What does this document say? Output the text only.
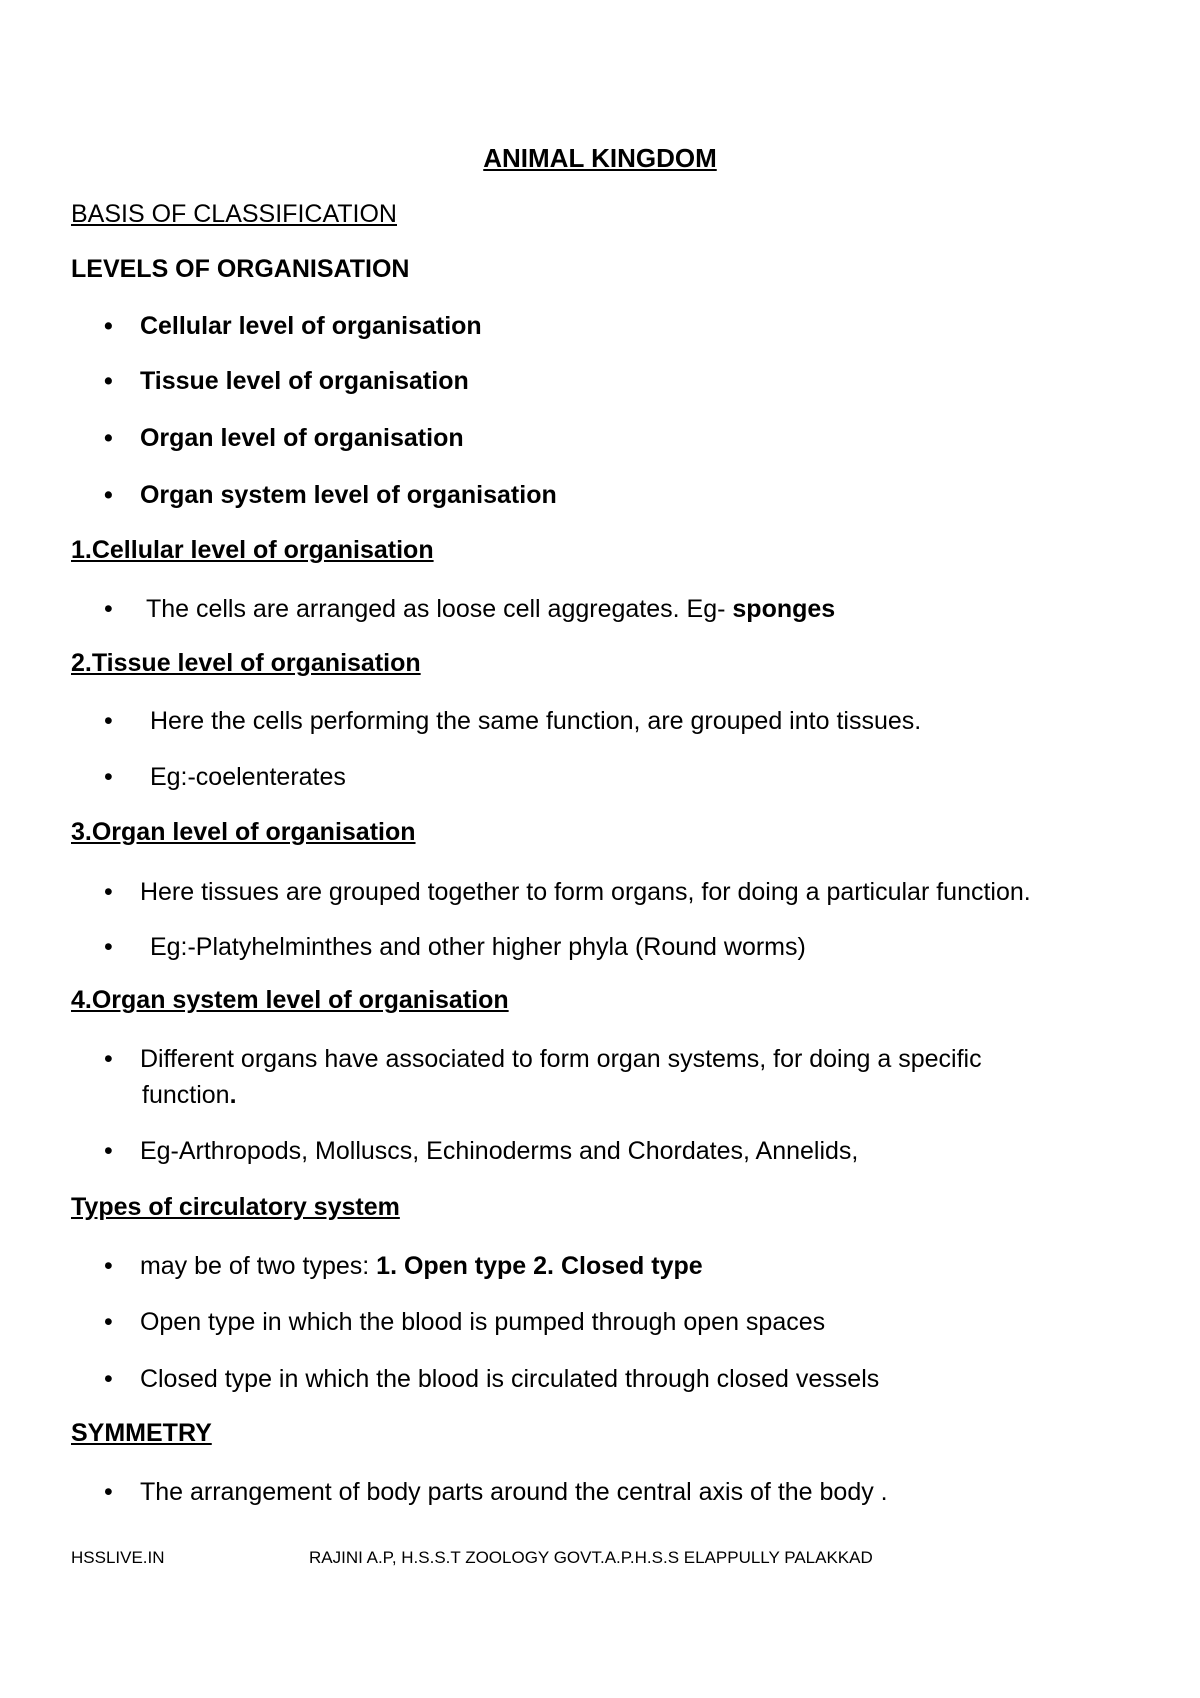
ANIMAL KINGDOM
BASIS OF CLASSIFICATION
LEVELS OF ORGANISATION
• Cellular level of organisation
• Tissue level of organisation
• Organ level of organisation
• Organ system level of organisation
1.Cellular level of organisation
• The cells are arranged as loose cell aggregates. Eg- sponges
2.Tissue level of organisation
• Here the cells performing the same function, are grouped into tissues.
• Eg:-coelenterates
3.Organ level of organisation
• Here tissues are grouped together to form organs, for doing a particular function.
• Eg:-Platyhelminthes and other higher phyla (Round worms)
4.Organ system level of organisation
• Different organs have associated to form organ systems, for doing a specific
function.
• Eg-Arthropods, Molluscs, Echinoderms and Chordates, Annelids,
Types of circulatory system
• may be of two types: 1. Open type 2. Closed type
• Open type in which the blood is pumped through open spaces
• Closed type in which the blood is circulated through closed vessels
SYMMETRY
• The arrangement of body parts around the central axis of the body .
HSSLIVE.IN	RAJINI A.P, H.S.S.T ZOOLOGY GOVT.A.P.H.S.S ELAPPULLY PALAKKAD
